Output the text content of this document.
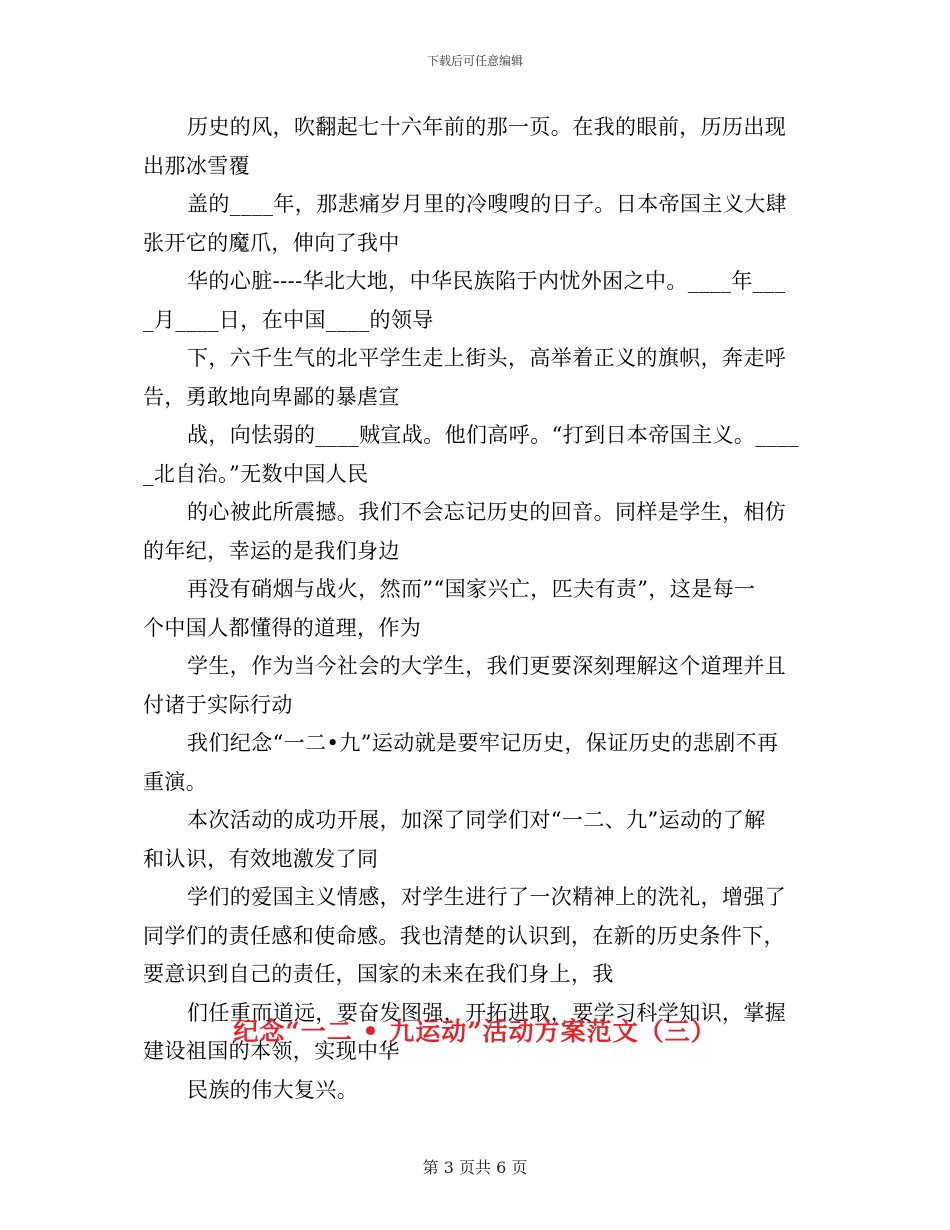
下载后可任意编辑
历史的风，吹翻起七十六年前的那一页。在我的眼前，历历出现
出那冰雪覆
盖的____年，那悲痛岁月里的冷嗖嗖的日子。日本帝国主义大肆
张开它的魔爪，伸向了我中
华的心脏----华北大地，中华民族陷于内忧外困之中。____年___
_月____日，在中国____的领导
下，六千生气的北平学生走上街头，高举着正义的旗帜，奔走呼
告，勇敢地向卑鄙的暴虐宣
战，向怯弱的____贼宣战。他们高呼。“打到日本帝国主义。____
_北自治。”无数中国人民
的心被此所震撼。我们不会忘记历史的回音。同样是学生，相仿
的年纪，幸运的是我们身边
再没有硝烟与战火，然而”“国家兴亡，匹夫有责”，这是每一
个中国人都懂得的道理，作为
学生，作为当今社会的大学生，我们更要深刻理解这个道理并且
付诸于实际行动
我们纪念“一二•九”运动就是要牢记历史，保证历史的悲剧不再
重演。
本次活动的成功开展，加深了同学们对“一二、九”运动的了解
和认识，有效地激发了同
学们的爱国主义情感，对学生进行了一次精神上的洗礼，增强了
同学们的责任感和使命感。我也清楚的认识到，在新的历史条件下，
要意识到自己的责任，国家的未来在我们身上，我
们任重而道远，要奋发图强，开拓进取，要学习科学知识，掌握
建设祖国的本领，实现中华
民族的伟大复兴。
纪念“一二 • 九运动”活动方案范文（三）
第 3 页共 6 页
